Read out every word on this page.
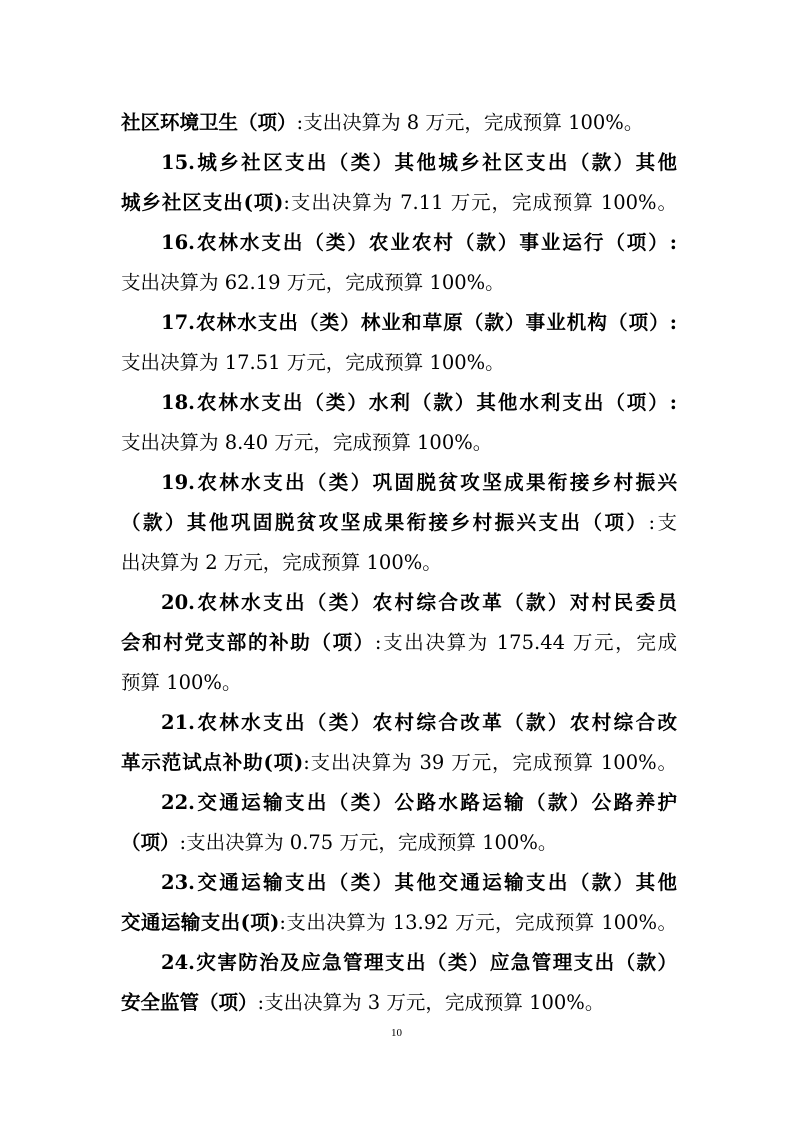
社区环境卫生（项）:支出决算为 8 万元，完成预算 100%。
15.城乡社区支出（类）其他城乡社区支出（款）其他
城乡社区支出(项):支出决算为 7.11 万元，完成预算 100%。
16.农林水支出（类）农业农村（款）事业运行（项）:
支出决算为 62.19 万元，完成预算 100%。
17.农林水支出（类）林业和草原（款）事业机构（项）:
支出决算为 17.51 万元，完成预算 100%。
18.农林水支出（类）水利（款）其他水利支出（项）:
支出决算为 8.40 万元，完成预算 100%。
19.农林水支出（类）巩固脱贫攻坚成果衔接乡村振兴
（款）其他巩固脱贫攻坚成果衔接乡村振兴支出（项）:支
出决算为 2 万元，完成预算 100%。
20.农林水支出（类）农村综合改革（款）对村民委员
会和村党支部的补助（项）:支出决算为 175.44 万元，完成
预算 100%。
21.农林水支出（类）农村综合改革（款）农村综合改
革示范试点补助(项):支出决算为 39 万元，完成预算 100%。
22.交通运输支出（类）公路水路运输（款）公路养护
（项）:支出决算为 0.75 万元，完成预算 100%。
23.交通运输支出（类）其他交通运输支出（款）其他
交通运输支出(项):支出决算为 13.92 万元，完成预算 100%。
24.灾害防治及应急管理支出（类）应急管理支出（款）
安全监管（项）:支出决算为 3 万元，完成预算 100%。
10
